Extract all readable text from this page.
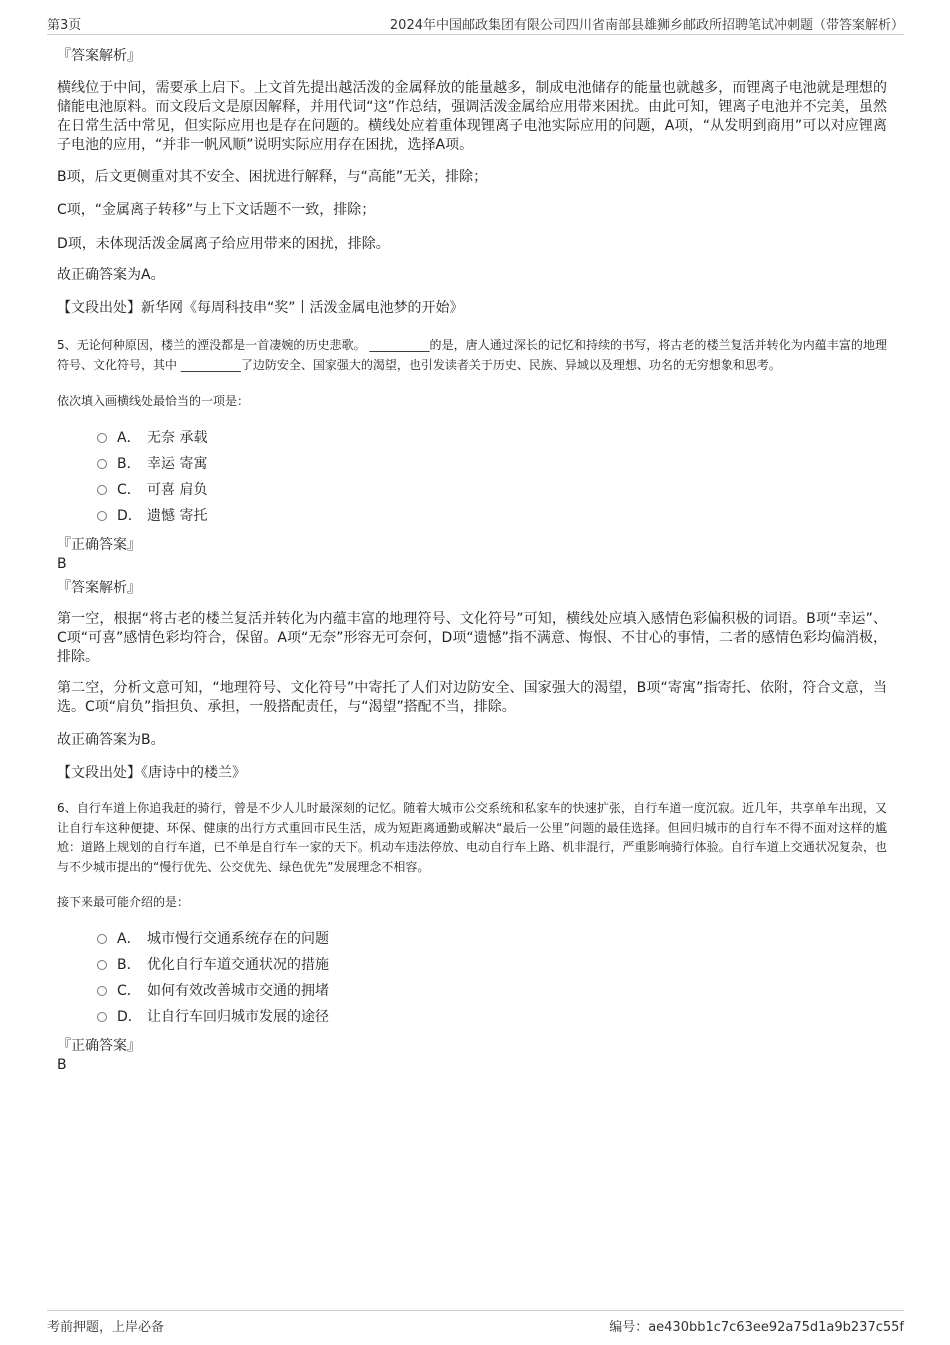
第3页	2024年中国邮政集团有限公司四川省南部县雄狮乡邮政所招聘笔试冲刺题（带答案解析）

『答案解析』

横线位于中间，需要承上启下。上文首先提出越活泼的金属释放的能量越多，制成电池储存的能量也就越多，而锂离子电池就是理想的储能电池原料。而文段后文是原因解释，并用代词“这”作总结，强调活泼金属给应用带来困扰。由此可知，锂离子电池并不完美，虽然在日常生活中常见，但实际应用也是存在问题的。横线处应着重体现锂离子电池实际应用的问题，A项，“从发明到商用”可以对应锂离子电池的应用，“并非一帆风顺”说明实际应用存在困扰，选择A项。

B项，后文更侧重对其不安全、困扰进行解释，与“高能”无关，排除；

C项，“金属离子转移”与上下文话题不一致，排除；

D项，未体现活泼金属离子给应用带来的困扰，排除。

故正确答案为A。

【文段出处】新华网《每周科技串“奖”丨活泼金属电池梦的开始》

5、无论何种原因，楼兰的湮没都是一首凄婉的历史悲歌。 __________的是，唐人通过深长的记忆和持续的书写，将古老的楼兰复活并转化为内蕴丰富的地理符号、文化符号，其中 __________了边防安全、国家强大的渴望，也引发读者关于历史、民族、异域以及理想、功名的无穷想象和思考。

依次填入画横线处最恰当的一项是：

A． 无奈 承载
B． 幸运 寄寓
C． 可喜 肩负
D． 遗憾 寄托

『正确答案』

B

『答案解析』

第一空，根据“将古老的楼兰复活并转化为内蕴丰富的地理符号、文化符号”可知，横线处应填入感情色彩偏积极的词语。B项“幸运”、C项“可喜”感情色彩均符合，保留。A项“无奈”形容无可奈何，D项“遗憾”指不满意、悔恨、不甘心的事情，二者的感情色彩均偏消极，排除。

第二空，分析文意可知，“地理符号、文化符号”中寄托了人们对边防安全、国家强大的渴望，B项“寄寓”指寄托、依附，符合文意，当选。C项“肩负”指担负、承担，一般搭配责任，与“渴望”搭配不当，排除。

故正确答案为B。

【文段出处】《唐诗中的楼兰》

6、自行车道上你追我赶的骑行，曾是不少人儿时最深刻的记忆。随着大城市公交系统和私家车的快速扩张，自行车道一度沉寂。近几年，共享单车出现，又让自行车这种便捷、环保、健康的出行方式重回市民生活，成为短距离通勤或解决“最后一公里”问题的最佳选择。但回归城市的自行车不得不面对这样的尴尬：道路上规划的自行车道，已不单是自行车一家的天下。机动车违法停放、电动自行车上路、机非混行，严重影响骑行体验。自行车道上交通状况复杂，也与不少城市提出的“慢行优先、公交优先、绿色优先”发展理念不相容。

接下来最可能介绍的是：

A． 城市慢行交通系统存在的问题
B． 优化自行车道交通状况的措施
C． 如何有效改善城市交通的拥堵
D． 让自行车回归城市发展的途径

『正确答案』

B

考前押题，上岸必备	编号：ae430bb1c7c63ee92a75d1a9b237c55f
